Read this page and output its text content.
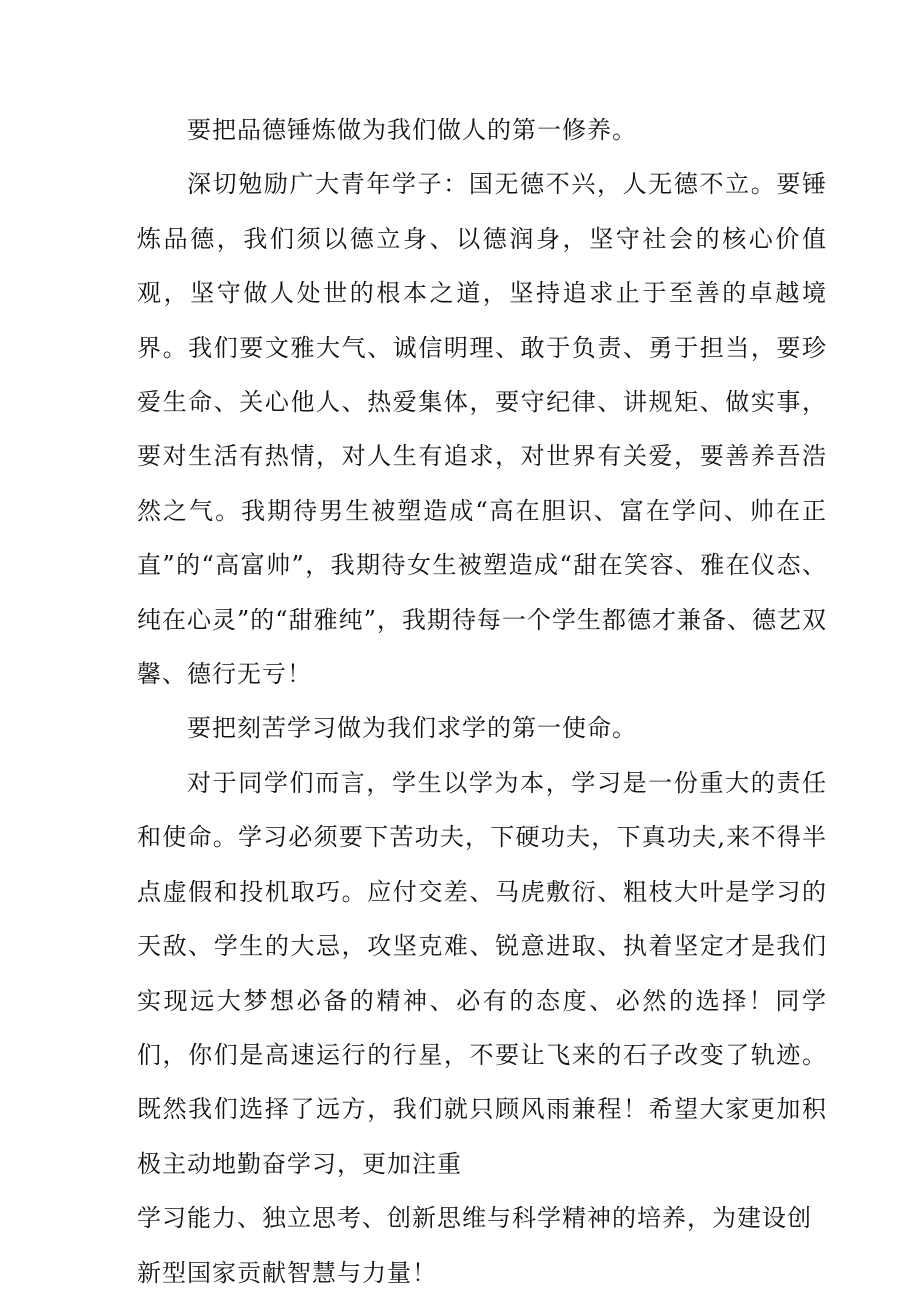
要把品德锤炼做为我们做人的第一修养。

深切勉励广大青年学子：国无德不兴，人无德不立。要锤炼品德，我们须以德立身、以德润身，坚守社会的核心价值观，坚守做人处世的根本之道，坚持追求止于至善的卓越境界。我们要文雅大气、诚信明理、敢于负责、勇于担当，要珍爱生命、关心他人、热爱集体，要守纪律、讲规矩、做实事，要对生活有热情，对人生有追求，对世界有关爱，要善养吾浩然之气。我期待男生被塑造成“高在胆识、富在学问、帅在正直”的“高富帅”，我期待女生被塑造成“甜在笑容、雅在仪态、纯在心灵”的“甜雅纯”，我期待每一个学生都德才兼备、德艺双馨、德行无亏！

要把刻苦学习做为我们求学的第一使命。

对于同学们而言，学生以学为本，学习是一份重大的责任和使命。学习必须要下苦功夫，下硬功夫，下真功夫,来不得半点虚假和投机取巧。应付交差、马虎敷衍、粗枝大叶是学习的天敌、学生的大忌，攻坚克难、锐意进取、执着坚定才是我们实现远大梦想必备的精神、必有的态度、必然的选择！同学们，你们是高速运行的行星，不要让飞来的石子改变了轨迹。既然我们选择了远方，我们就只顾风雨兼程！希望大家更加积极主动地勤奋学习，更加注重

学习能力、独立思考、创新思维与科学精神的培养，为建设创新型国家贡献智慧与力量！
